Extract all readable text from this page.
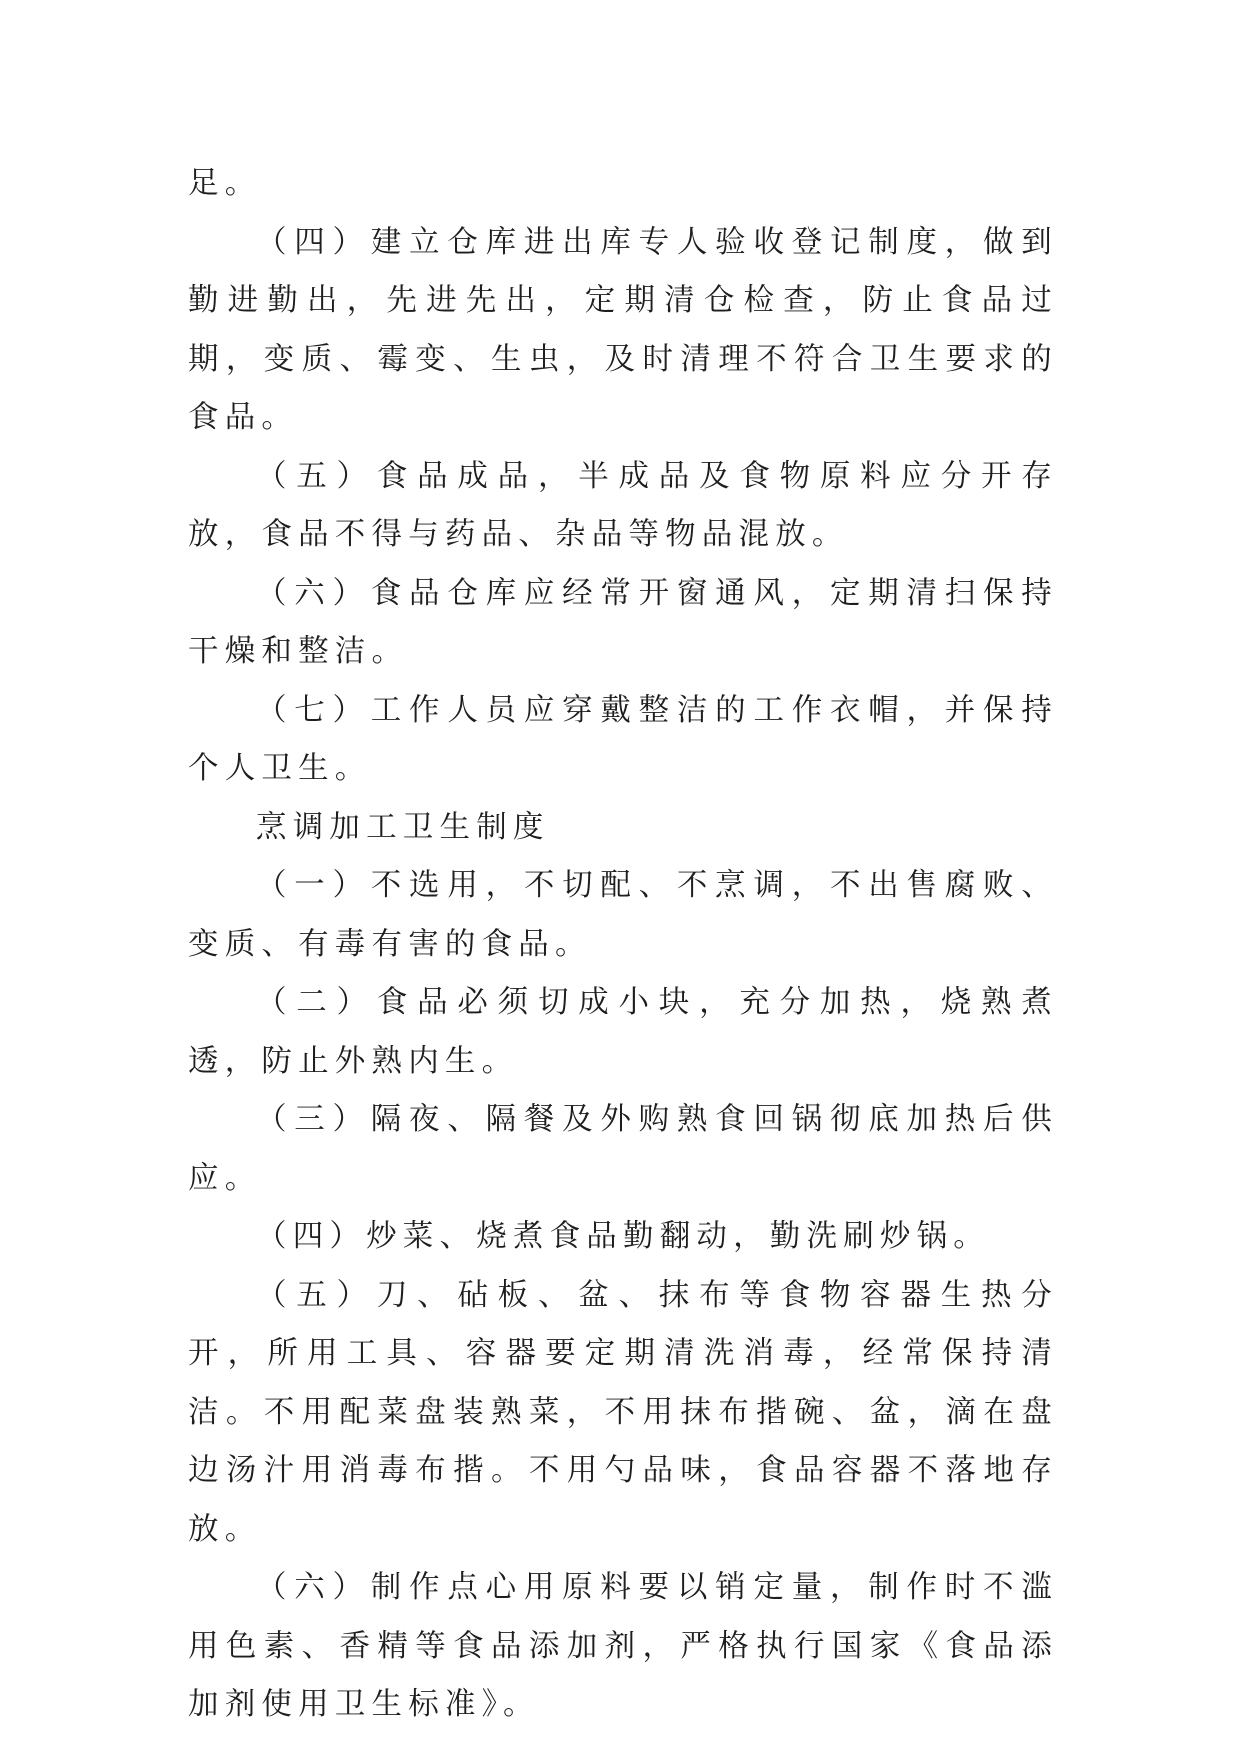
足。

（四）建立仓库进出库专人验收登记制度，做到勤进勤出，先进先出，定期清仓检查，防止食品过期，变质、霉变、生虫，及时清理不符合卫生要求的食品。

（五）食品成品，半成品及食物原料应分开存放，食品不得与药品、杂品等物品混放。

（六）食品仓库应经常开窗通风，定期清扫保持干燥和整洁。

（七）工作人员应穿戴整洁的工作衣帽，并保持个人卫生。

烹调加工卫生制度

（一）不选用，不切配、不烹调，不出售腐败、变质、有毒有害的食品。

（二）食品必须切成小块，充分加热，烧熟煮透，防止外熟内生。

（三）隔夜、隔餐及外购熟食回锅彻底加热后供应。

（四）炒菜、烧煮食品勤翻动，勤洗刷炒锅。

（五）刀、砧板、盆、抹布等食物容器生热分开，所用工具、容器要定期清洗消毒，经常保持清洁。不用配菜盘装熟菜，不用抹布揩碗、盆，滴在盘边汤汁用消毒布揩。不用勺品味，食品容器不落地存放。

（六）制作点心用原料要以销定量，制作时不滥用色素、香精等食品添加剂，严格执行国家《食品添加剂使用卫生标准》。
